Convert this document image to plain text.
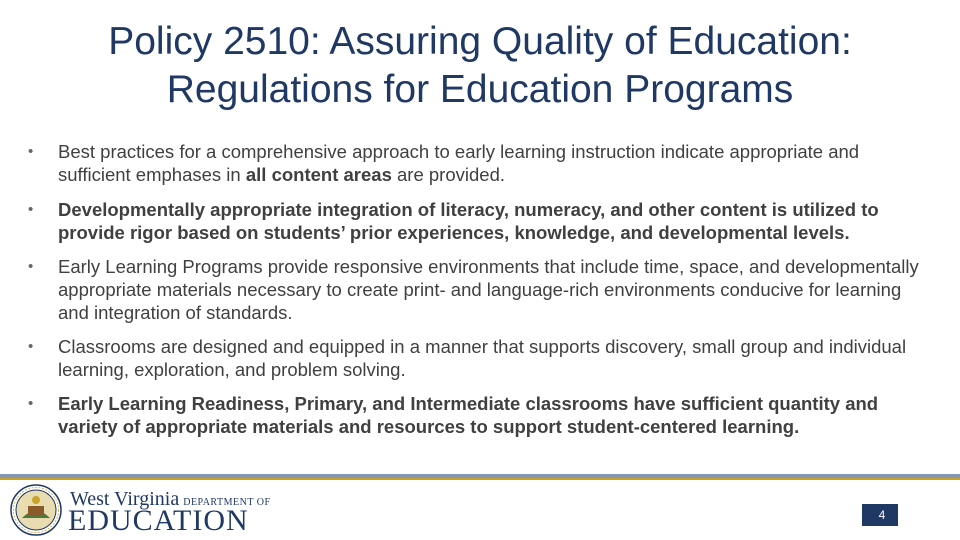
Policy 2510: Assuring Quality of Education:
Regulations for Education Programs
• Best practices for a comprehensive approach to early learning instruction indicate appropriate and sufficient emphases in all content areas are provided.
• Developmentally appropriate integration of literacy, numeracy, and other content is utilized to provide rigor based on students’ prior experiences, knowledge, and developmental levels.
• Early Learning Programs provide responsive environments that include time, space, and developmentally appropriate materials necessary to create print- and language-rich environments conducive for learning and integration of standards.
• Classrooms are designed and equipped in a manner that supports discovery, small group and individual learning, exploration, and problem solving.
• Early Learning Readiness, Primary, and Intermediate classrooms have sufficient quantity and variety of appropriate materials and resources to support student-centered learning.
West Virginia DEPARTMENT OF
EDUCATION	4
